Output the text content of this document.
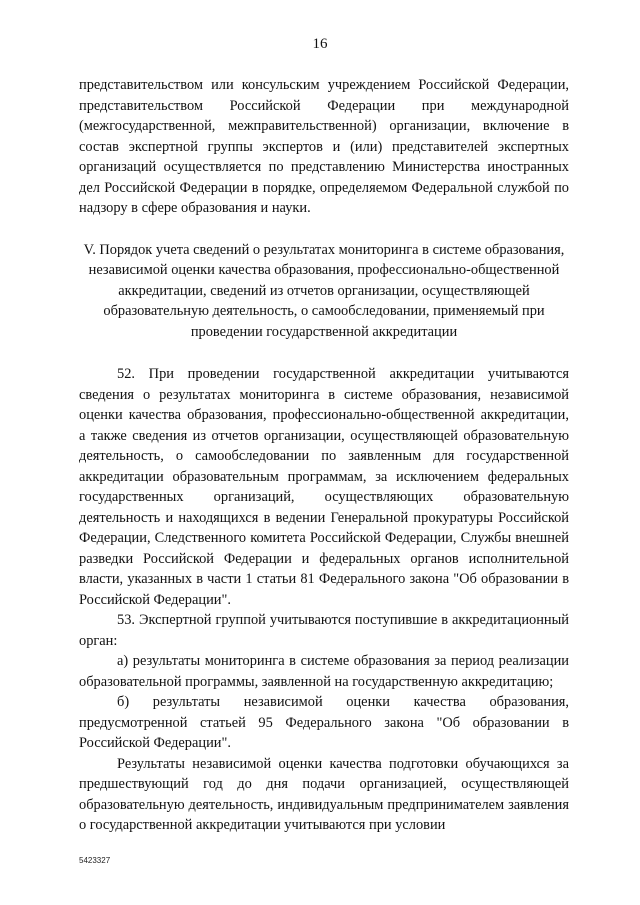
16

представительством или консульским учреждением Российской Федерации, представительством Российской Федерации при международной (межгосударственной, межправительственной) организации, включение в состав экспертной группы экспертов и (или) представителей экспертных организаций осуществляется по представлению Министерства иностранных дел Российской Федерации в порядке, определяемом Федеральной службой по надзору в сфере образования и науки.

V. Порядок учета сведений о результатах мониторинга в системе образования, независимой оценки качества образования, профессионально-общественной аккредитации, сведений из отчетов организации, осуществляющей образовательную деятельность, о самообследовании, применяемый при проведении государственной аккредитации

52. При проведении государственной аккредитации учитываются сведения о результатах мониторинга в системе образования, независимой оценки качества образования, профессионально-общественной аккредитации, а также сведения из отчетов организации, осуществляющей образовательную деятельность, о самообследовании по заявленным для государственной аккредитации образовательным программам, за исключением федеральных государственных организаций, осуществляющих образовательную деятельность и находящихся в ведении Генеральной прокуратуры Российской Федерации, Следственного комитета Российской Федерации, Службы внешней разведки Российской Федерации и федеральных органов исполнительной власти, указанных в части 1 статьи 81 Федерального закона "Об образовании в Российской Федерации".

53. Экспертной группой учитываются поступившие в аккредитационный орган:

а) результаты мониторинга в системе образования за период реализации образовательной программы, заявленной на государственную аккредитацию;

б) результаты независимой оценки качества образования, предусмотренной статьей 95 Федерального закона "Об образовании в Российской Федерации".

Результаты независимой оценки качества подготовки обучающихся за предшествующий год до дня подачи организацией, осуществляющей образовательную деятельность, индивидуальным предпринимателем заявления о государственной аккредитации учитываются при условии

5423327
